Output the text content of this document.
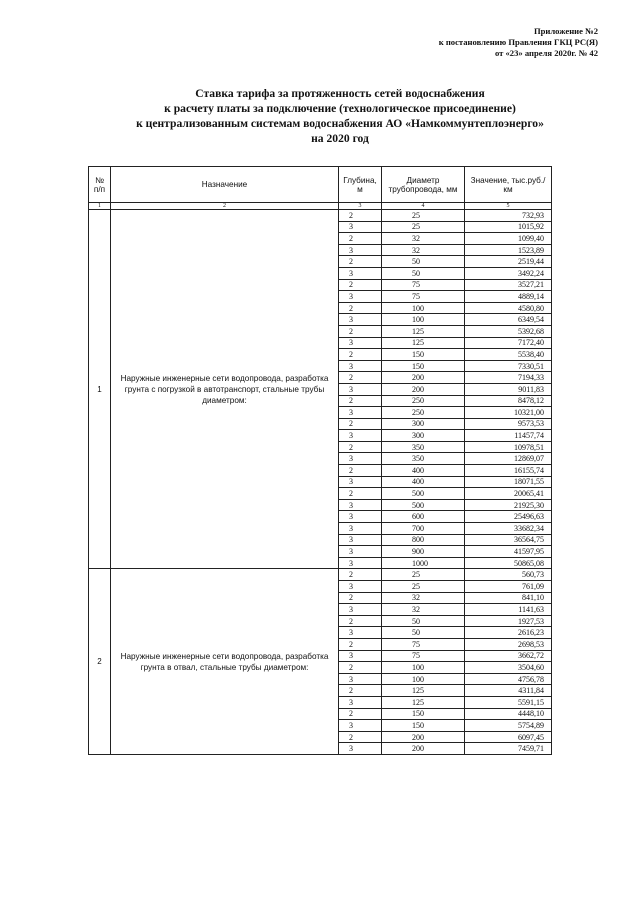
Приложение №2
к постановлению Правления ГКЦ РС(Я)
от «23» апреля 2020г. № 42
Ставка тарифа за протяженность сетей водоснабжения
к расчету платы за подключение (технологическое присоединение)
к централизованным системам водоснабжения АО «Намкоммунтеплоэнерго»
на 2020 год
№ п/п	Назначение	Глубина, м	Диаметр трубопровода, мм	Значение, тыс.руб./км
1	2	3	4	5
1	Наружные инженерные сети водопровода, разработка грунта с погрузкой в автотранспорт, стальные трубы диаметром:	2	25	732,93
		3	25	1015,92
		2	32	1099,40
		3	32	1523,89
		2	50	2519,44
		3	50	3492,24
		2	75	3527,21
		3	75	4889,14
		2	100	4580,80
		3	100	6349,54
		2	125	5392,68
		3	125	7172,40
		2	150	5538,40
		3	150	7330,51
		2	200	7194,33
		3	200	9011,83
		2	250	8478,12
		3	250	10321,00
		2	300	9573,53
		3	300	11457,74
		2	350	10978,51
		3	350	12869,07
		2	400	16155,74
		3	400	18071,55
		2	500	20065,41
		3	500	21925,30
		3	600	25496,63
		3	700	33682,34
		3	800	36564,75
		3	900	41597,95
		3	1000	50865,08
2	Наружные инженерные сети водопровода, разработка грунта в отвал, стальные трубы диаметром:	2	25	560,73
		3	25	761,09
		2	32	841,10
		3	32	1141,63
		2	50	1927,53
		3	50	2616,23
		2	75	2698,53
		3	75	3662,72
		2	100	3504,60
		3	100	4756,78
		2	125	4311,84
		3	125	5591,15
		2	150	4448,10
		3	150	5754,89
		2	200	6097,45
		3	200	7459,71
